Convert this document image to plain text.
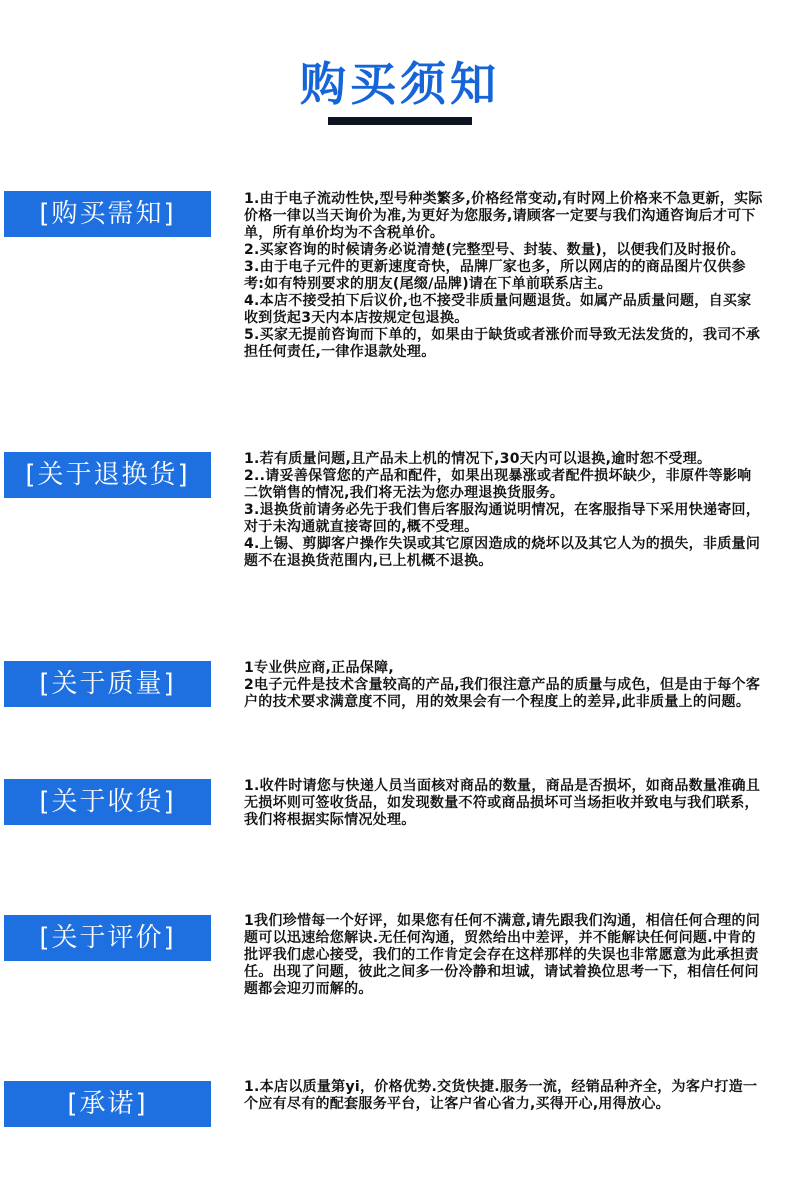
购买须知
[购买需知]	1.由于电子流动性快,型号种类繁多,价格经常变动,有时网上价格来不急更新，实际价格一律以当天询价为准,为更好为您服务,请顾客一定要与我们沟通咨询后才可下单，所有单价均为不含税单价。

2.买家咨询的时候请务必说清楚(完整型号、封装、数量)，以便我们及时报价。

3.由于电子元件的更新速度奇快，品牌厂家也多，所以网店的的商品图片仅供参考:如有特别要求的朋友(尾缀/品牌)请在下单前联系店主。

4.本店不接受拍下后议价,也不接受非质量问题退货。如属产品质量问题，自买家收到货起3天内本店按规定包退换。

5.买家无提前咨询而下单的，如果由于缺货或者涨价而导致无法发货的，我司不承担任何责任,一律作退款处理。

[关于退换货]

1.若有质量问题,且产品未上机的情况下,30天内可以退换,逾时恕不受理。

2..请妥善保管您的产品和配件，如果出现暴涨或者配件损坏缺少，非原件等影响二饮销售的情况,我们将无法为您办理退换货服务。

3.退换货前请务必先于我们售后客服沟通说明情况，在客服指导下采用快递寄回，对于未沟通就直接寄回的,概不受理。

4.上锡、剪脚客户操作失误或其它原因造成的烧坏以及其它人为的损失，非质量问题不在退换货范围内,已上机概不退换。

[关于质量]

1专业供应商,正品保障,

2电子元件是技术含量较高的产品,我们很注意产品的质量与成色，但是由于每个客户的技术要求满意度不同，用的效果会有一个程度上的差异,此非质量上的问题。

[关于收货]

1.收件时请您与快递人员当面核对商品的数量，商品是否损坏，如商品数量准确且无损坏则可签收货品，如发现数量不符或商品损坏可当场拒收并致电与我们联系，我们将根据实际情况处理。

[关于评价]

1我们珍惜每一个好评，如果您有任何不满意,请先跟我们沟通，相信任何合理的问题可以迅速给您解诀.无任何沟通，贸然给出中差评，并不能解诀任何问题.中肯的批评我们虑心接受，我们的工作肯定会存在这样那样的失误也非常愿意为此承担责任。出现了问题，彼此之间多一份冷静和坦诚，请试着换位思考一下，相信任何问题都会迎刃而解的。

[承诺]

1.本店以质量第yi，价格优势.交货快捷.服务一流，经销品种齐全，为客户打造一个应有尽有的配套服务平台，让客户省心省力,买得开心,用得放心。
